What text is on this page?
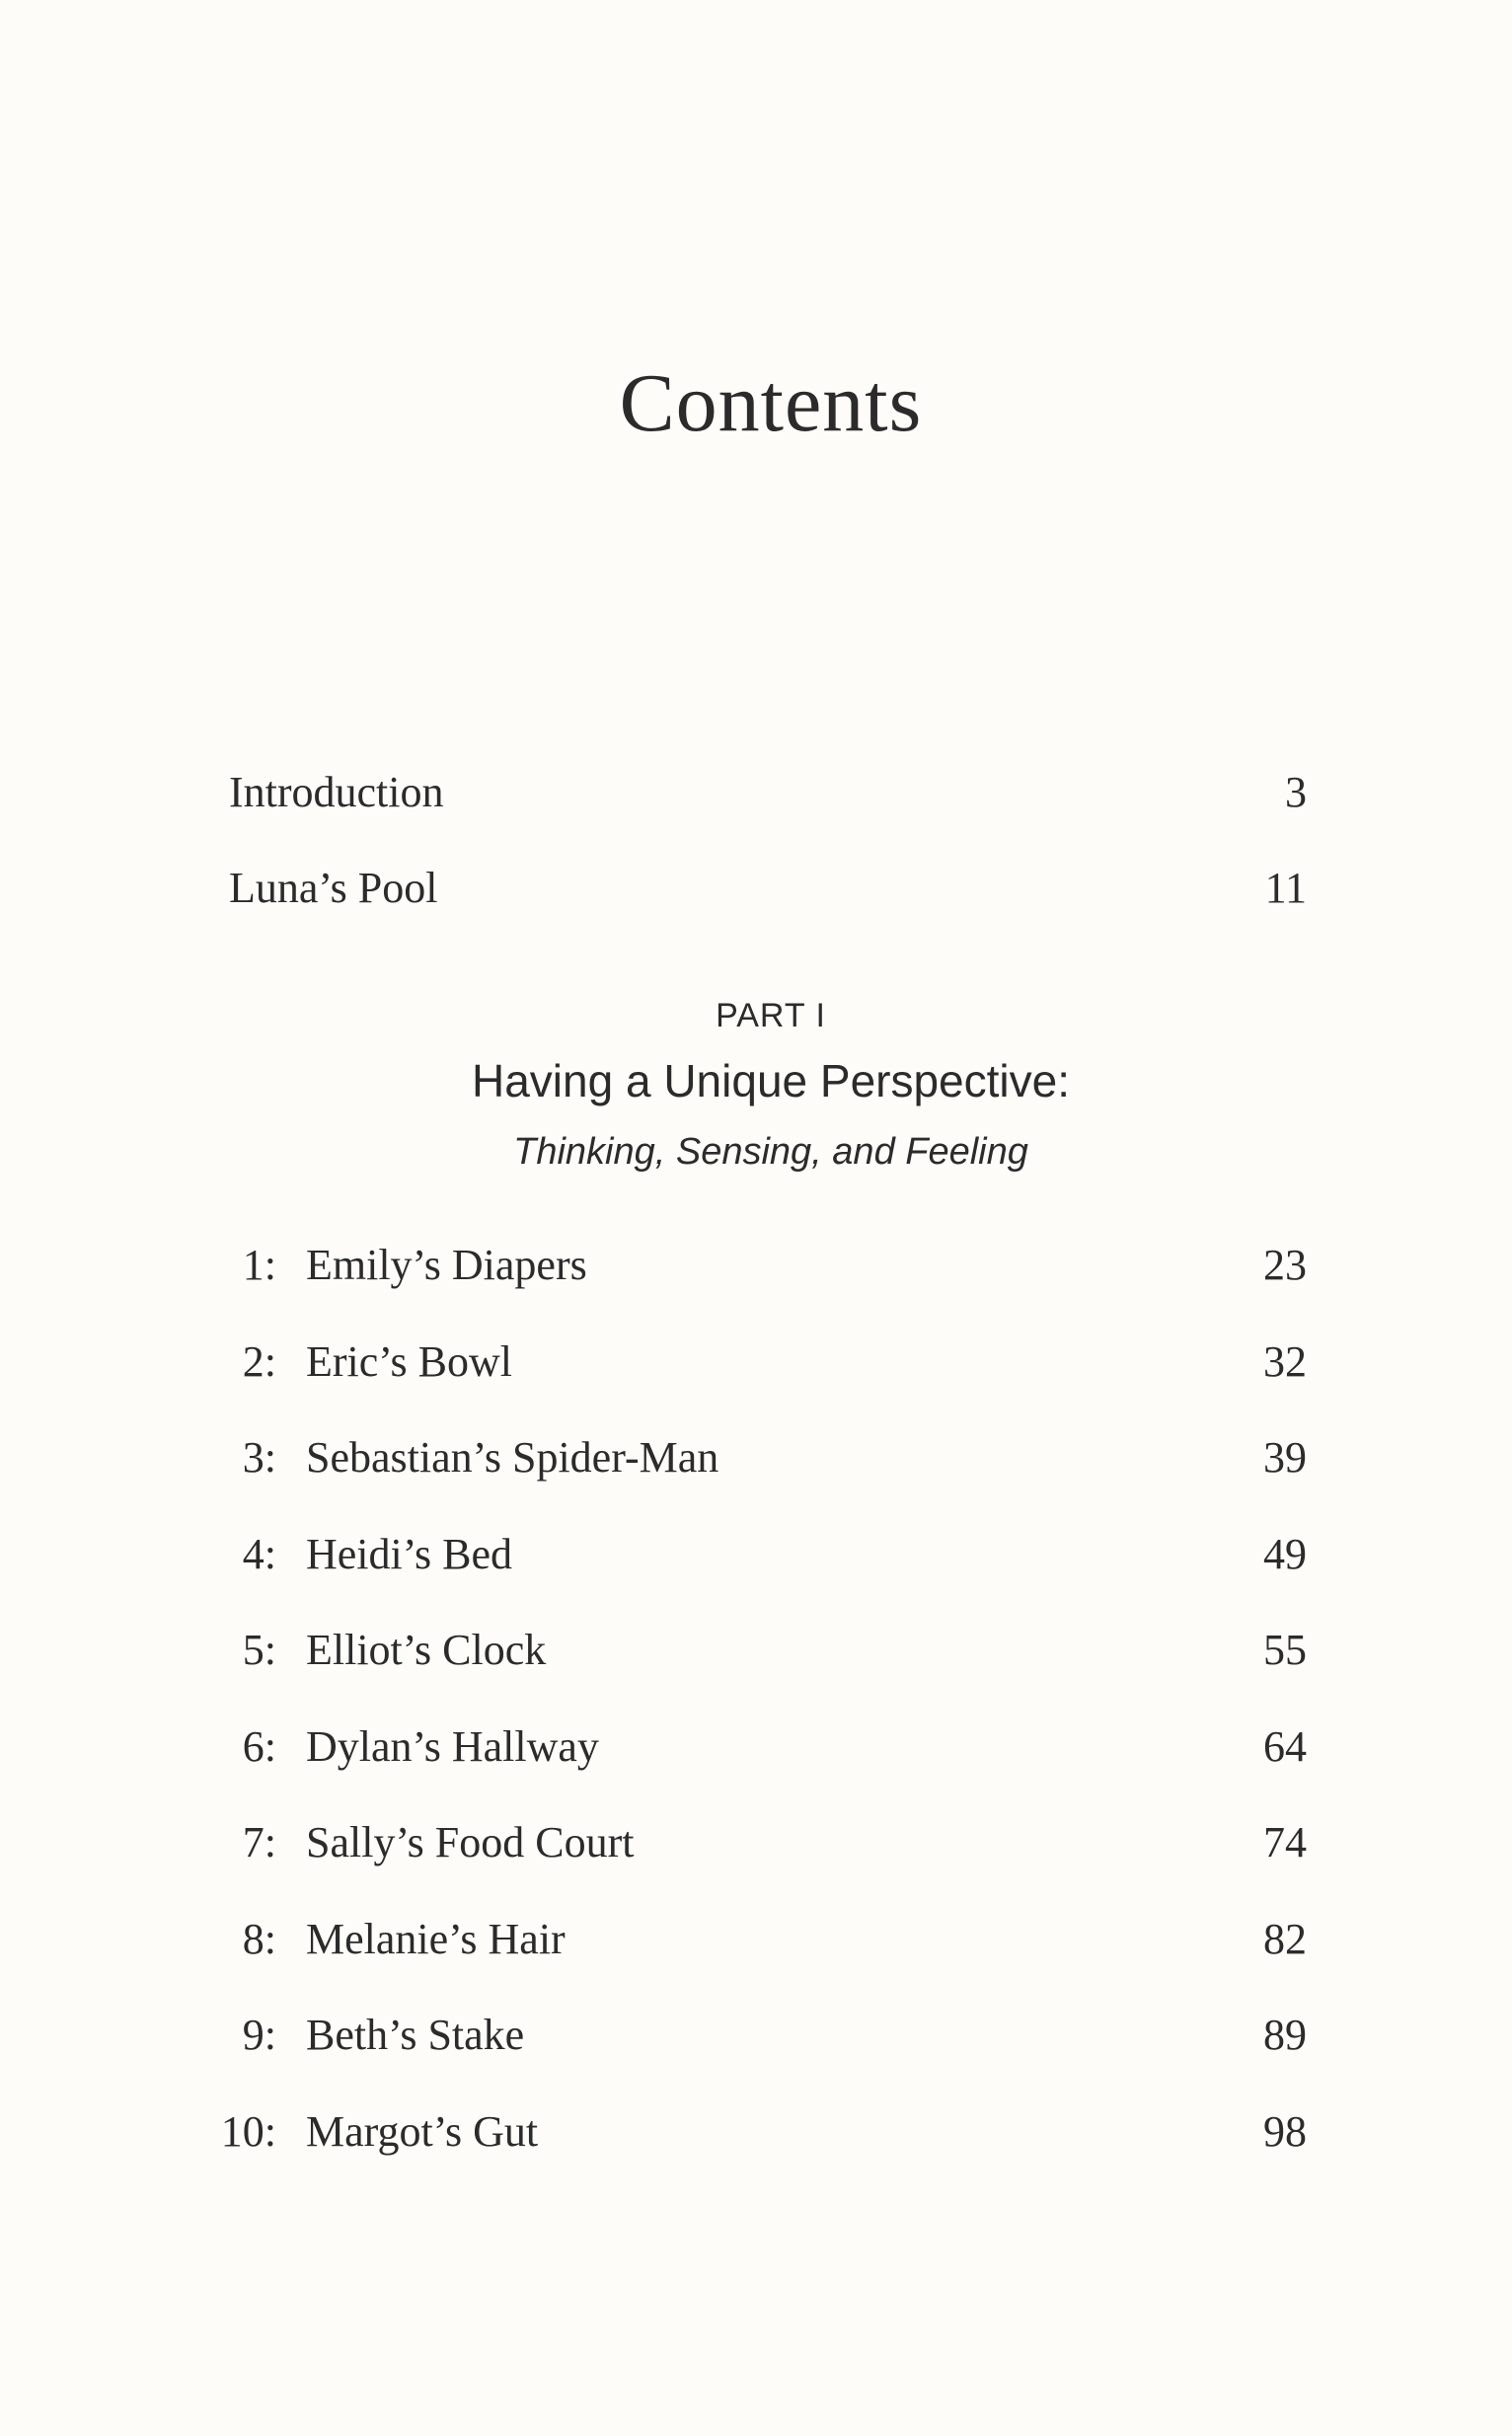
Contents
Introduction	3
Luna’s Pool	11
PART I
Having a Unique Perspective:
Thinking, Sensing, and Feeling
1: Emily’s Diapers	23
2: Eric’s Bowl	32
3: Sebastian’s Spider-Man	39
4: Heidi’s Bed	49
5: Elliot’s Clock	55
6: Dylan’s Hallway	64
7: Sally’s Food Court	74
8: Melanie’s Hair	82
9: Beth’s Stake	89
10: Margot’s Gut	98
